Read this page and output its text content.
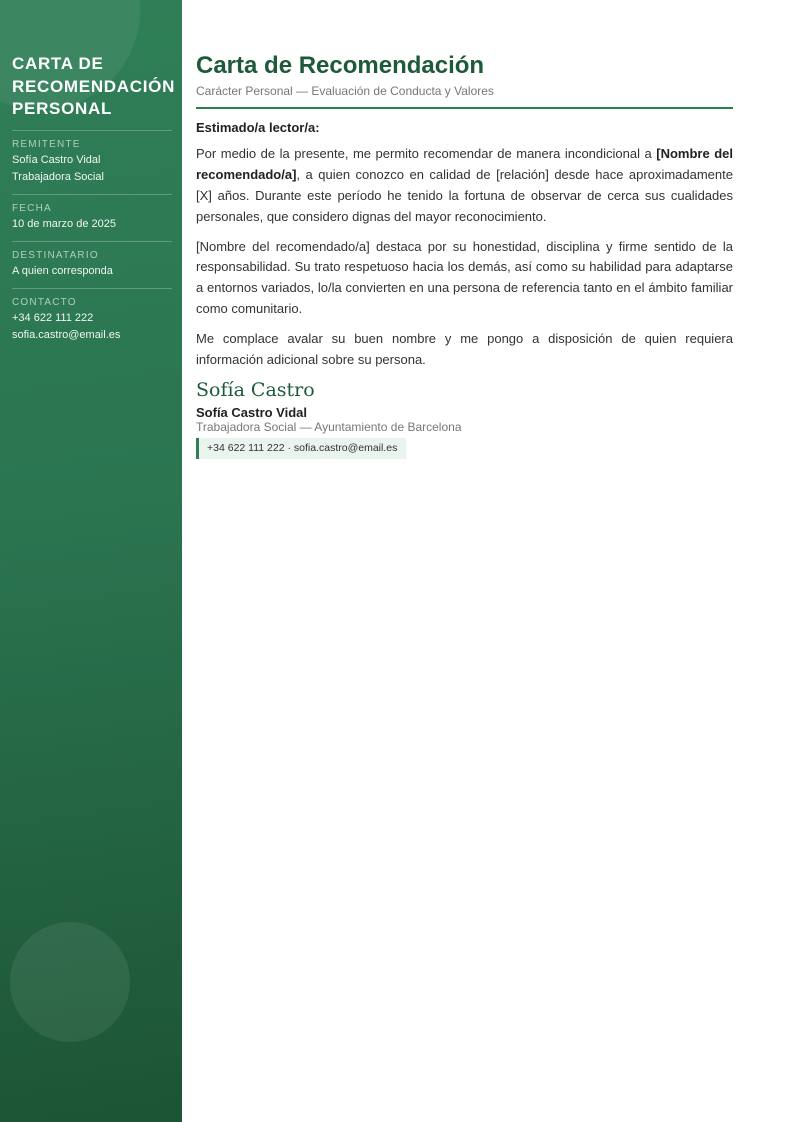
CARTA DE
RECOMENDACIÓN
PERSONAL
REMITENTE
Sofía Castro Vidal
Trabajadora Social
FECHA
10 de marzo de 2025
DESTINATARIO
A quien corresponda
CONTACTO
+34 622 111 222
sofia.castro@email.es
Carta de Recomendación
Carácter Personal — Evaluación de Conducta y Valores
Estimado/a lector/a:

Por medio de la presente, me permito recomendar de manera incondicional a [Nombre del recomendado/a], a quien conozco en calidad de [relación] desde hace aproximadamente [X] años. Durante este período he tenido la fortuna de observar de cerca sus cualidades personales, que considero dignas del mayor reconocimiento.

[Nombre del recomendado/a] destaca por su honestidad, disciplina y firme sentido de la responsabilidad. Su trato respetuoso hacia los demás, así como su habilidad para adaptarse a entornos variados, lo/la convierten en una persona de referencia tanto en el ámbito familiar como comunitario.

Me complace avalar su buen nombre y me pongo a disposición de quien requiera información adicional sobre su persona.

Sofía Castro
Sofía Castro Vidal
Trabajadora Social — Ayuntamiento de Barcelona
+34 622 111 222 · sofia.castro@email.es
